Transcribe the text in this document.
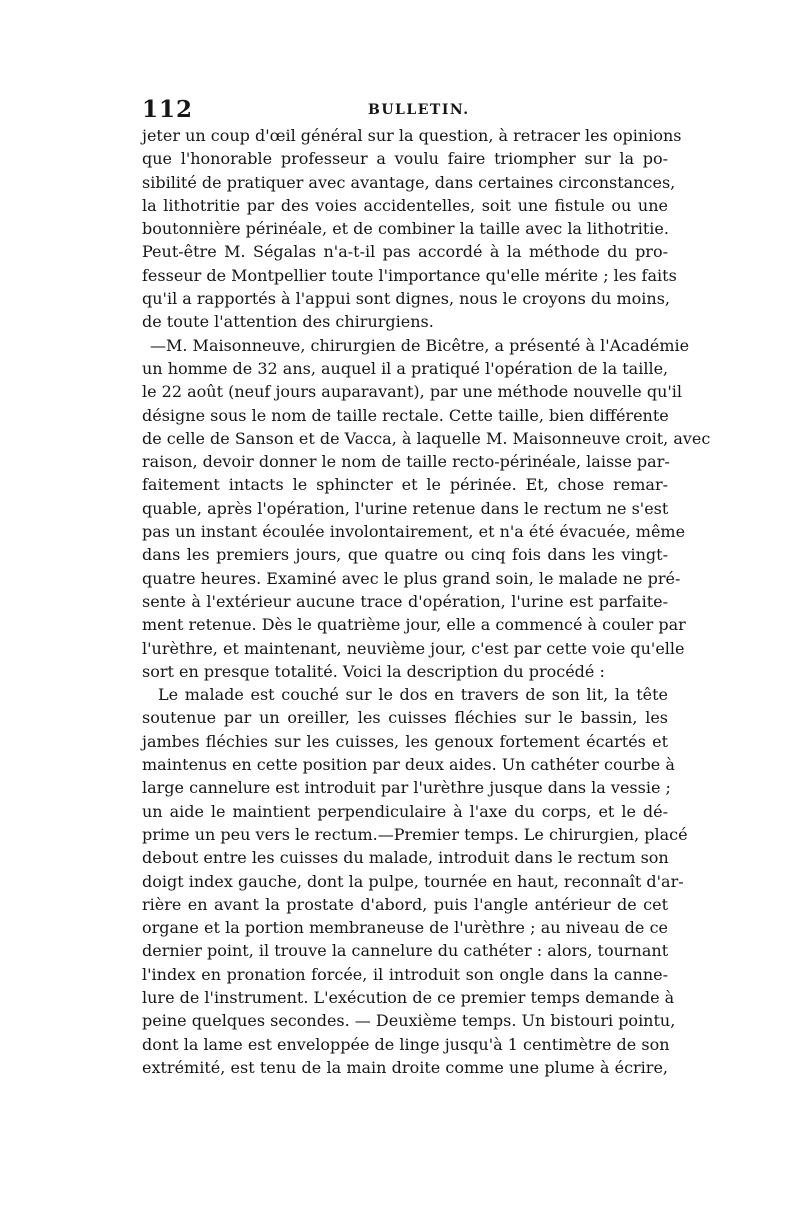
112	BULLETIN.
jeter un coup d'œil général sur la question, à retracer les opinions
que l'honorable professeur a voulu faire triompher sur la po-
sibilité de pratiquer avec avantage, dans certaines circonstances,
la lithotritie par des voies accidentelles, soit une fistule ou une
boutonnière périnéale, et de combiner la taille avec la lithotritie.
Peut-être M. Ségalas n'a-t-il pas accordé à la méthode du pro-
fesseur de Montpellier toute l'importance qu'elle mérite ; les faits
qu'il a rapportés à l'appui sont dignes, nous le croyons du moins,
de toute l'attention des chirurgiens.
—M. Maisonneuve, chirurgien de Bicêtre, a présenté à l'Académie
un homme de 32 ans, auquel il a pratiqué l'opération de la taille,
le 22 août (neuf jours auparavant), par une méthode nouvelle qu'il
désigne sous le nom de taille rectale. Cette taille, bien différente
de celle de Sanson et de Vacca, à laquelle M. Maisonneuve croit, avec
raison, devoir donner le nom de taille recto-périnéale, laisse par-
faitement intacts le sphincter et le périnée. Et, chose remar-
quable, après l'opération, l'urine retenue dans le rectum ne s'est
pas un instant écoulée involontairement, et n'a été évacuée, même
dans les premiers jours, que quatre ou cinq fois dans les vingt-
quatre heures. Examiné avec le plus grand soin, le malade ne pré-
sente à l'extérieur aucune trace d'opération, l'urine est parfaite-
ment retenue. Dès le quatrième jour, elle a commencé à couler par
l'urèthre, et maintenant, neuvième jour, c'est par cette voie qu'elle
sort en presque totalité. Voici la description du procédé :
Le malade est couché sur le dos en travers de son lit, la tête
soutenue par un oreiller, les cuisses fléchies sur le bassin, les
jambes fléchies sur les cuisses, les genoux fortement écartés et
maintenus en cette position par deux aides. Un cathéter courbe à
large cannelure est introduit par l'urèthre jusque dans la vessie ;
un aide le maintient perpendiculaire à l'axe du corps, et le dé-
prime un peu vers le rectum.—Premier temps. Le chirurgien, placé
debout entre les cuisses du malade, introduit dans le rectum son
doigt index gauche, dont la pulpe, tournée en haut, reconnaît d'ar-
rière en avant la prostate d'abord, puis l'angle antérieur de cet
organe et la portion membraneuse de l'urèthre ; au niveau de ce
dernier point, il trouve la cannelure du cathéter : alors, tournant
l'index en pronation forcée, il introduit son ongle dans la canne-
lure de l'instrument. L'exécution de ce premier temps demande à
peine quelques secondes. — Deuxième temps. Un bistouri pointu,
dont la lame est enveloppée de linge jusqu'à 1 centimètre de son
extrémité, est tenu de la main droite comme une plume à écrire,
